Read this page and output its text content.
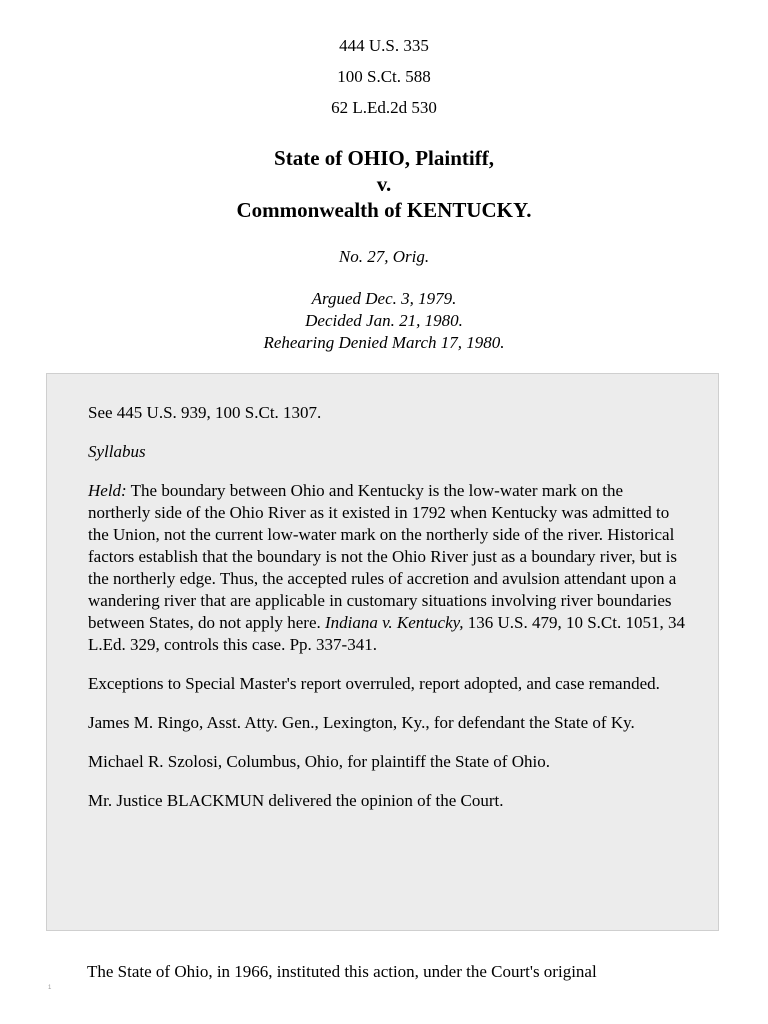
444 U.S. 335
100 S.Ct. 588
62 L.Ed.2d 530
State of OHIO, Plaintiff,
v.
Commonwealth of KENTUCKY.
No. 27, Orig.
Argued Dec. 3, 1979.
Decided Jan. 21, 1980.
Rehearing Denied March 17, 1980.

See 445 U.S. 939, 100 S.Ct. 1307.

Syllabus

Held: The boundary between Ohio and Kentucky is the low-water mark on the northerly side of the Ohio River as it existed in 1792 when Kentucky was admitted to the Union, not the current low-water mark on the northerly side of the river. Historical factors establish that the boundary is not the Ohio River just as a boundary river, but is the northerly edge. Thus, the accepted rules of accretion and avulsion attendant upon a wandering river that are applicable in customary situations involving river boundaries between States, do not apply here. Indiana v. Kentucky, 136 U.S. 479, 10 S.Ct. 1051, 34 L.Ed. 329, controls this case. Pp. 337-341.

Exceptions to Special Master's report overruled, report adopted, and case remanded.

James M. Ringo, Asst. Atty. Gen., Lexington, Ky., for defendant the State of Ky.

Michael R. Szolosi, Columbus, Ohio, for plaintiff the State of Ohio.

Mr. Justice BLACKMUN delivered the opinion of the Court.

1
The State of Ohio, in 1966, instituted this action, under the Court's original
